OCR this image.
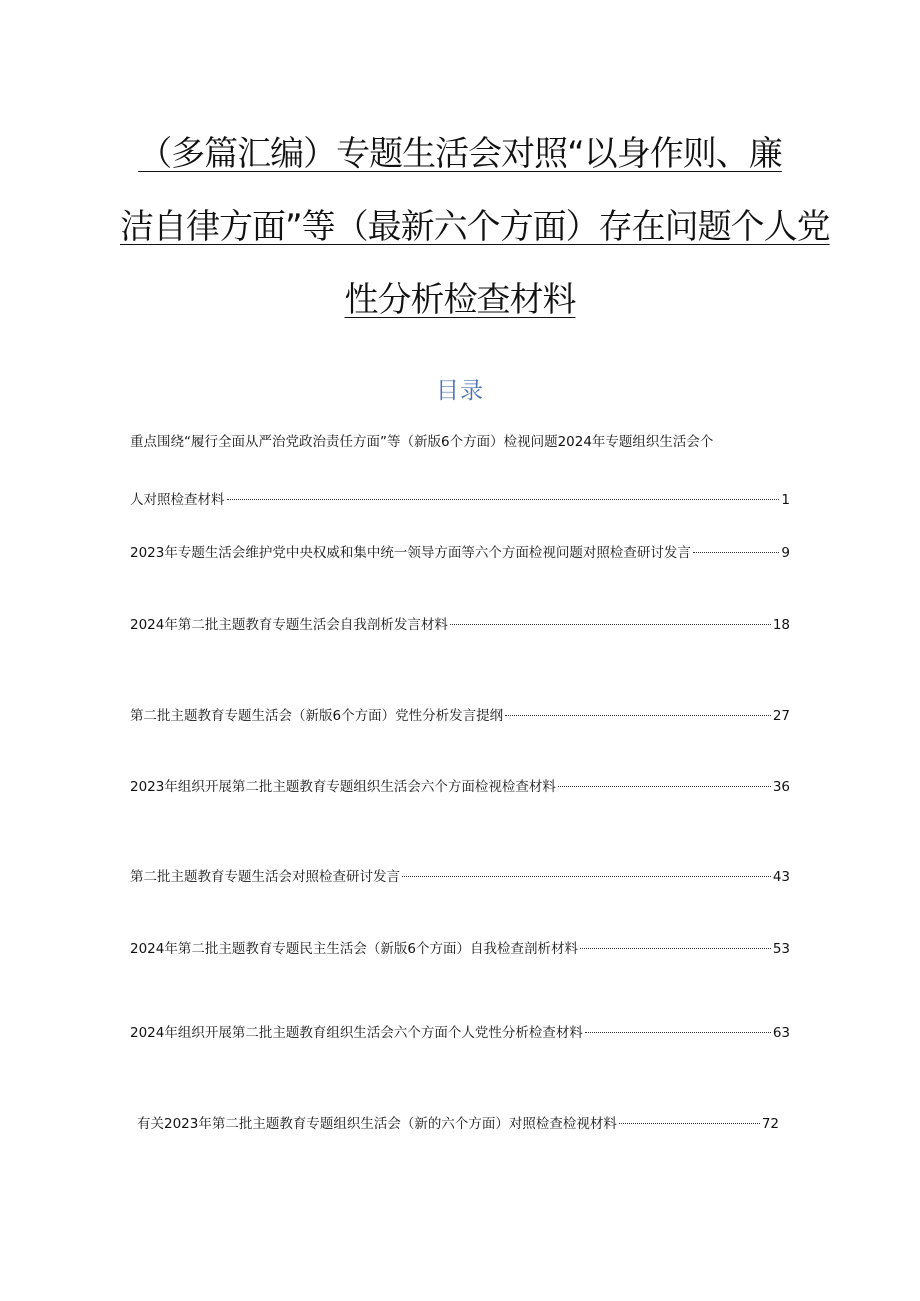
（多篇汇编）专题生活会对照“以身作则、廉
洁自律方面”等（最新六个方面）存在问题个人党
性分析检查材料
目录
重点围绕“履行全面从严治党政治责任方面”等（新版6个方面）检视问题2024年专题组织生活会个
人对照检查材料	1
2023年专题生活会维护党中央权威和集中统一领导方面等六个方面检视问题对照检查研讨发言	9
2024年第二批主题教育专题生活会自我剖析发言材料	18
第二批主题教育专题生活会（新版6个方面）党性分析发言提纲	27
2023年组织开展第二批主题教育专题组织生活会六个方面检视检查材料	36
第二批主题教育专题生活会对照检查研讨发言	43
2024年第二批主题教育专题民主生活会（新版6个方面）自我检查剖析材料	53
2024年组织开展第二批主题教育组织生活会六个方面个人党性分析检查材料	63
有关2023年第二批主题教育专题组织生活会（新的六个方面）对照检查检视材料	72
